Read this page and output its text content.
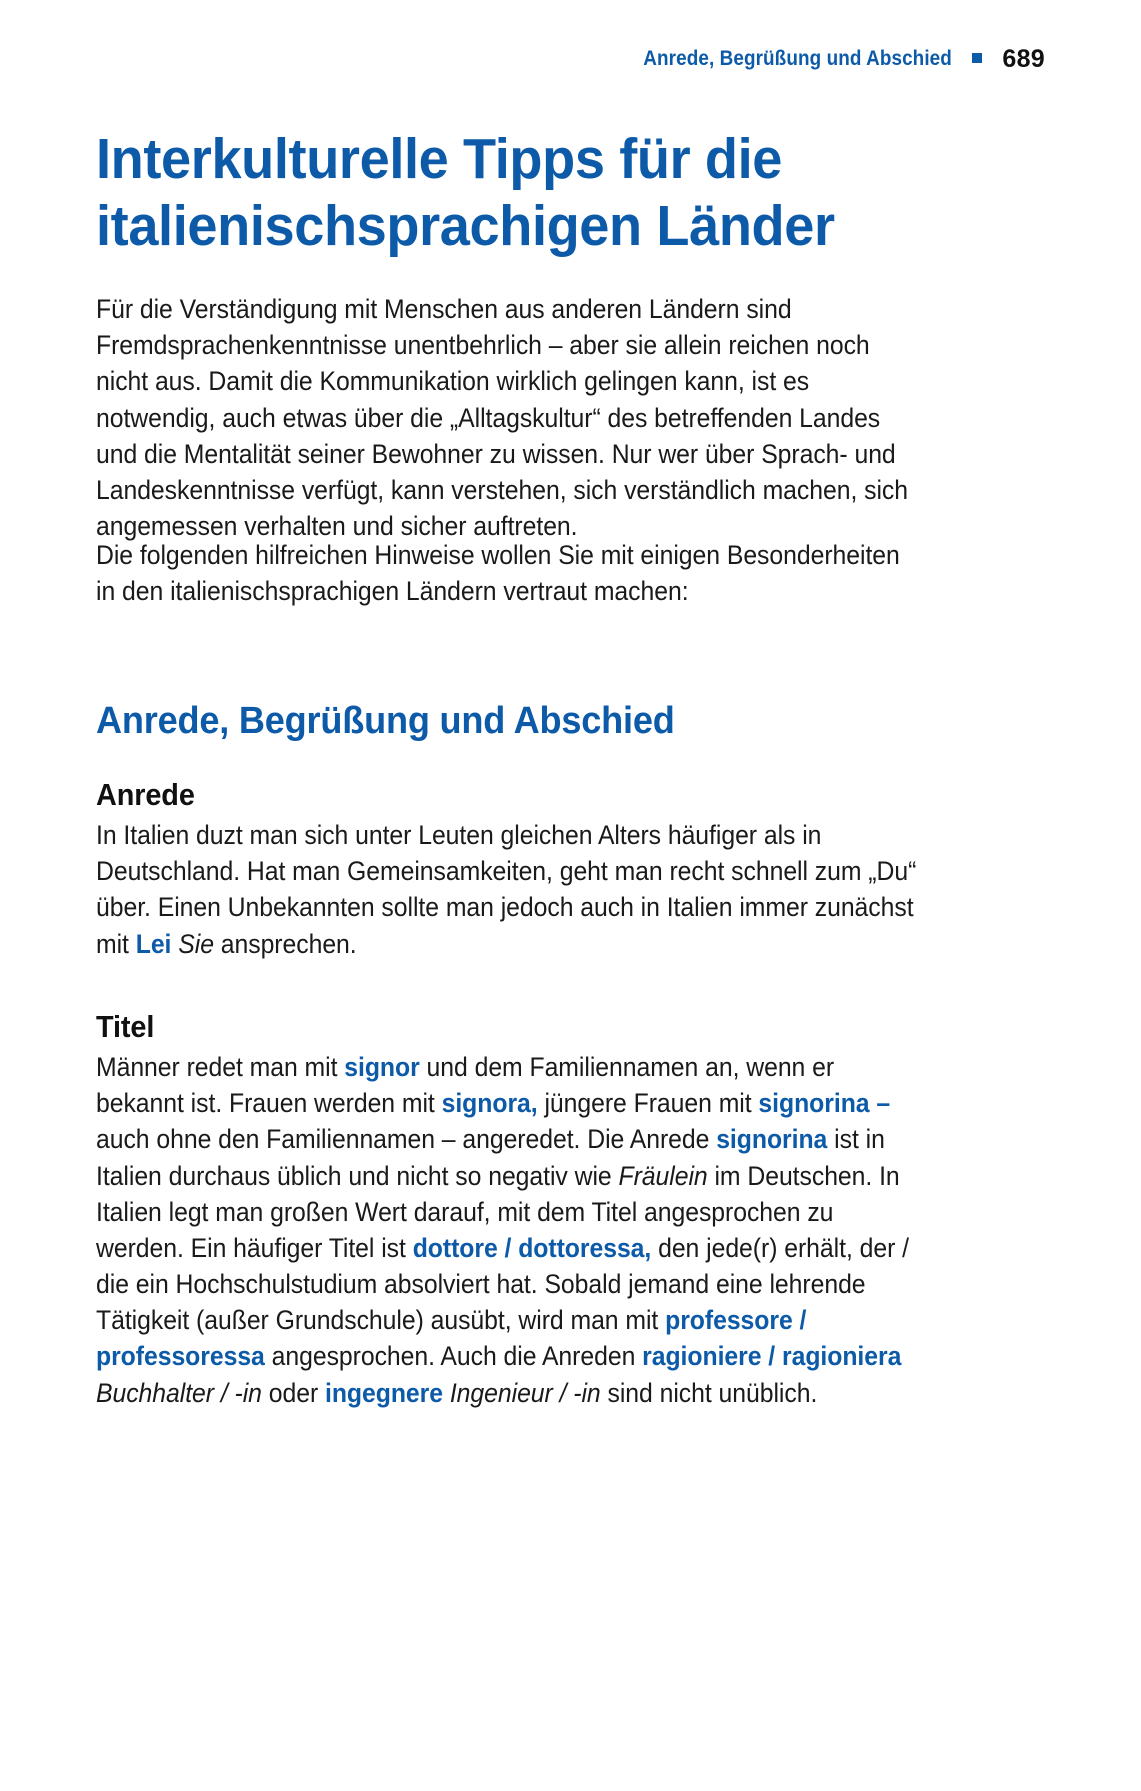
Anrede, Begrüßung und Abschied 689
Interkulturelle Tipps für die
italienischsprachigen Länder

Für die Verständigung mit Menschen aus anderen Ländern sind Fremdsprachenkenntnisse unentbehrlich – aber sie allein reichen noch nicht aus. Damit die Kommunikation wirklich gelingen kann, ist es notwendig, auch etwas über die „Alltagskultur“ des betreffenden Landes und die Mentalität seiner Bewohner zu wissen. Nur wer über Sprach- und Landeskenntnisse verfügt, kann verstehen, sich verständlich machen, sich angemessen verhalten und sicher auftreten.

Die folgenden hilfreichen Hinweise wollen Sie mit einigen Besonderheiten in den italienischsprachigen Ländern vertraut machen:

Anrede, Begrüßung und Abschied
Anrede

In Italien duzt man sich unter Leuten gleichen Alters häufiger als in Deutschland. Hat man Gemeinsamkeiten, geht man recht schnell zum „Du“ über. Einen Unbekannten sollte man jedoch auch in Italien immer zunächst mit Lei Sie ansprechen.

Titel

Männer redet man mit signor und dem Familiennamen an, wenn er bekannt ist. Frauen werden mit signora, jüngere Frauen mit signorina – auch ohne den Familiennamen – angeredet. Die Anrede signorina ist in Italien durchaus üblich und nicht so negativ wie Fräulein im Deutschen. In Italien legt man großen Wert darauf, mit dem Titel angesprochen zu werden. Ein häufiger Titel ist dottore / dottoressa, den jede(r) erhält, der / die ein Hochschulstudium absolviert hat. Sobald jemand eine lehrende Tätigkeit (außer Grundschule) ausübt, wird man mit professore / professoressa angesprochen. Auch die Anreden ragioniere / ragioniera Buchhalter / -in oder ingegnere Ingenieur / -in sind nicht unüblich.
